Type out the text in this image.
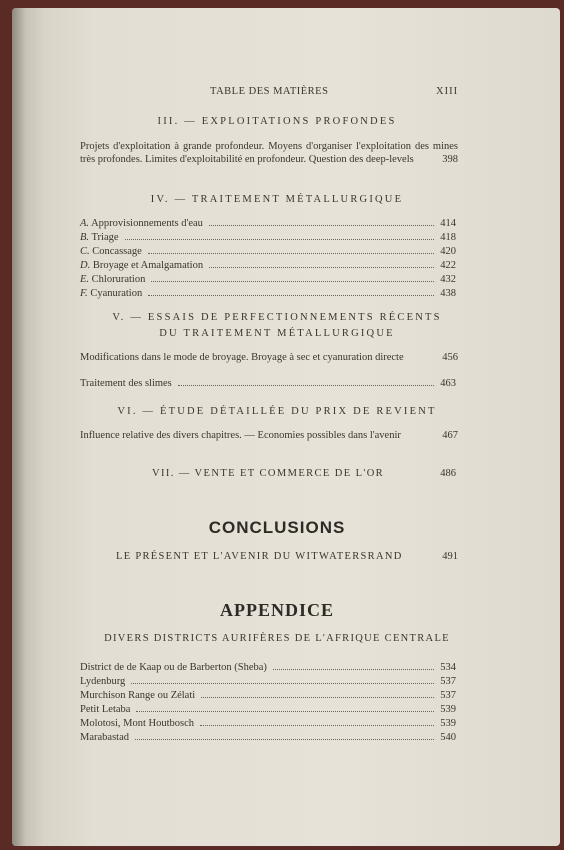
TABLE DES MATIÈRES	XIII
III. — EXPLOITATIONS PROFONDES
Projets d'exploitation à grande profondeur. Moyens d'organiser l'exploitation des mines très profondes. Limites d'exploitabilité en profondeur. Question des deep-levels	398
IV. — TRAITEMENT MÉTALLURGIQUE
A. Approvisionnements d'eau	414
B. Triage	418
C. Concassage	420
D. Broyage et Amalgamation	422
E. Chloruration	432
F. Cyanuration	438
V. — ESSAIS DE PERFECTIONNEMENTS RÉCENTS
DU TRAITEMENT MÉTALLURGIQUE
Modifications dans le mode de broyage. Broyage à sec et cyanuration directe	456
Traitement des slimes	463
VI. — ÉTUDE DÉTAILLÉE DU PRIX DE REVIENT
Influence relative des divers chapitres. — Economies possibles dans l'avenir	467
VII. — VENTE ET COMMERCE DE L'OR	486
CONCLUSIONS
LE PRÉSENT ET L'AVENIR DU WITWATERSRAND	491
APPENDICE
DIVERS DISTRICTS AURIFÈRES DE L'AFRIQUE CENTRALE
District de de Kaap ou de Barberton (Sheba)	534
Lydenburg	537
Murchison Range ou Zélati	537
Petit Letaba	539
Molotosi, Mont Houtbosch	539
Marabastad	540
